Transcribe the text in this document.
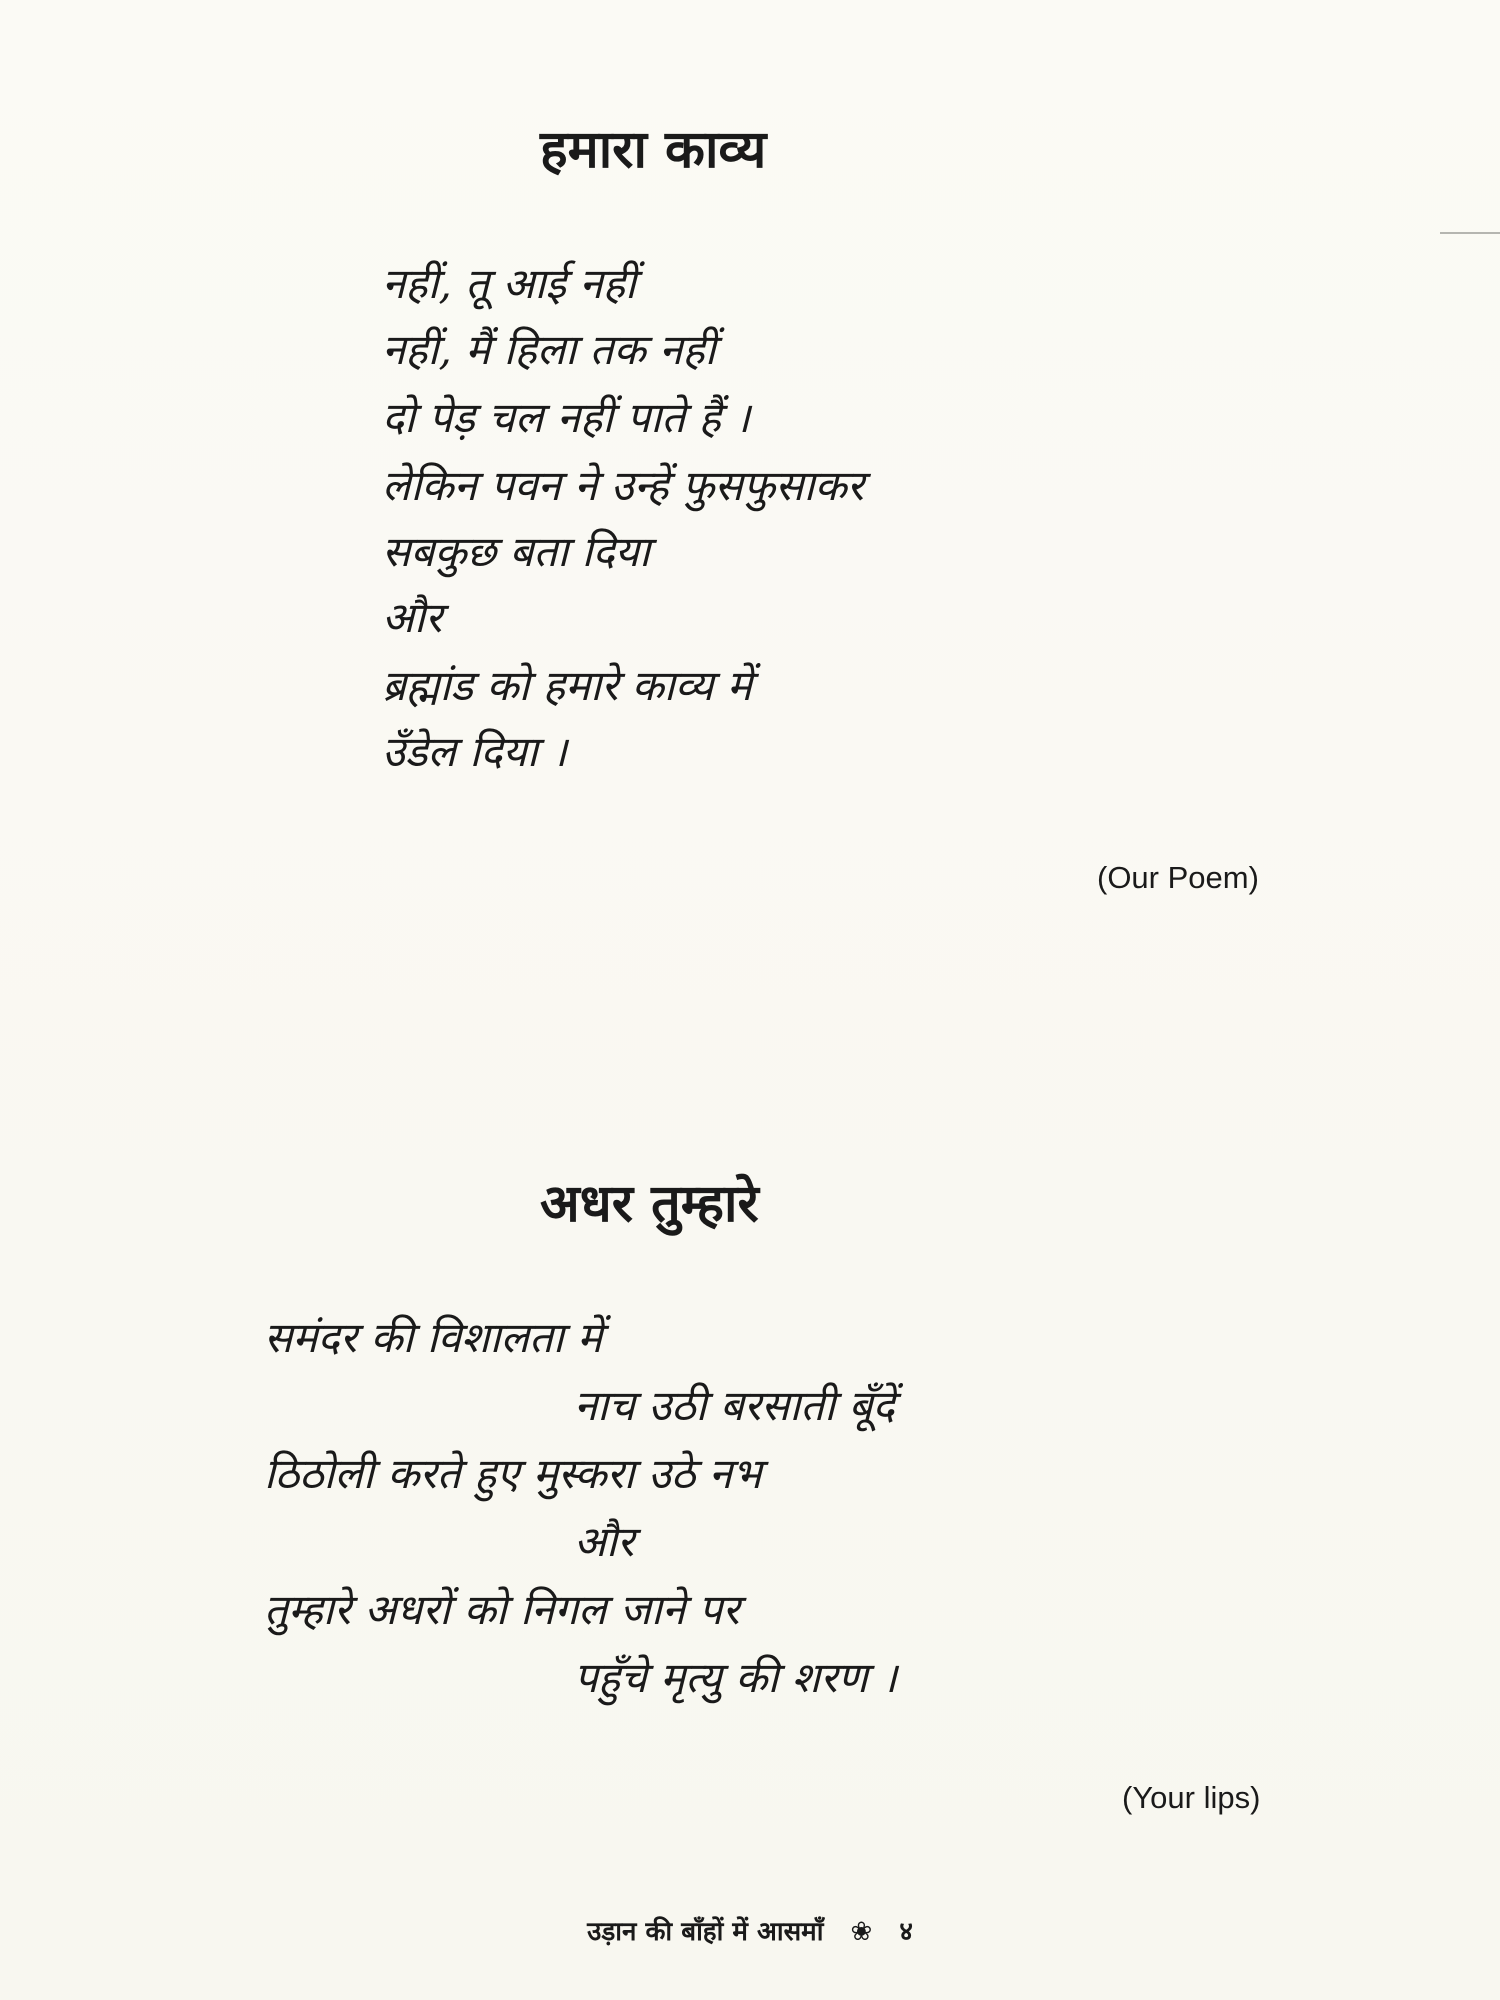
हमारा काव्य
नहीं, तू आई नहीं
नहीं, मैं हिला तक नहीं
दो पेड़ चल नहीं पाते हैं ।
लेकिन पवन ने उन्हें फुसफुसाकर
सबकुछ बता दिया
और
ब्रह्मांड को हमारे काव्य में
उँडेल दिया ।
(Our Poem)
अधर तुम्हारे
समंदर की विशालता में
नाच उठी बरसाती बूँदें
ठिठोली करते हुए मुस्करा उठे नभ
और
तुम्हारे अधरों को निगल जाने पर
पहुँचे मृत्यु की शरण ।
(Your lips)
उड़ान की बाँहों में आसमाँ ❀ ४
